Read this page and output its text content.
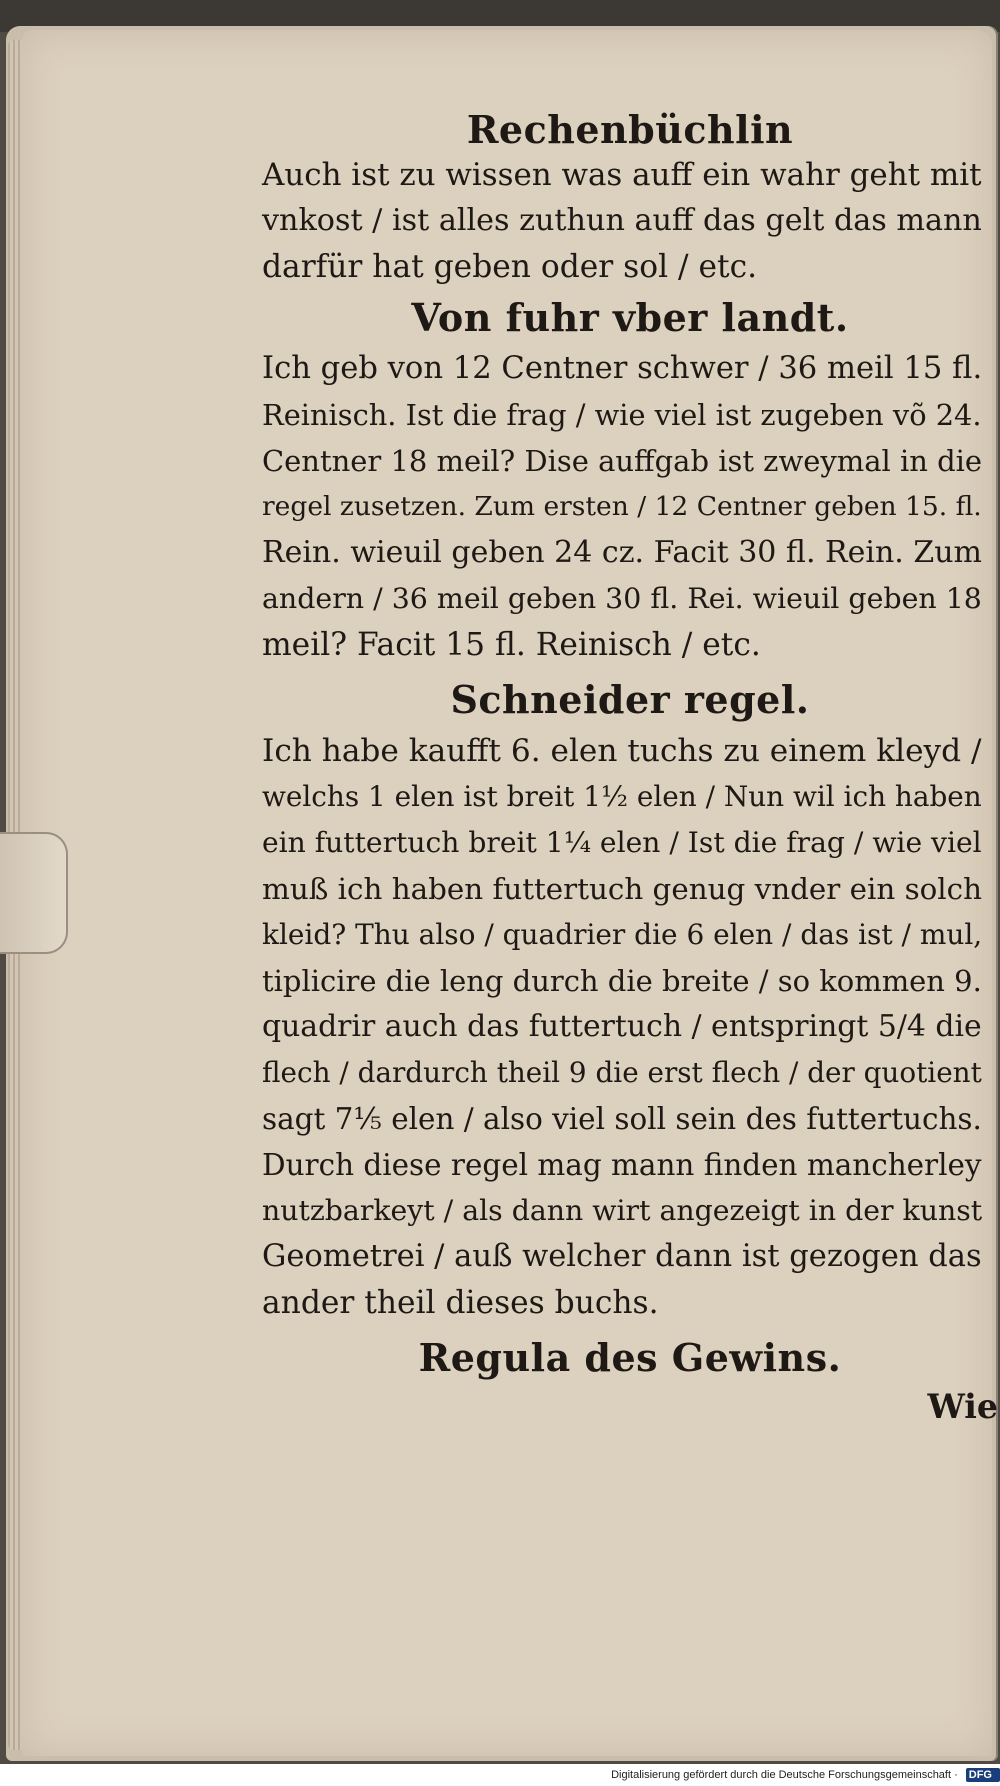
Rechenbüchlin

Auch ist zu wissen was auff ein wahr geht mit

vnkost / ist alles zuthun auff das gelt das mann

darfür hat geben oder sol / etc.

Von fuhr vber landt.

Ich geb von 12 Centner schwer / 36 meil 15 fl.

Reinisch. Ist die frag / wie viel ist zugeben võ 24.

Centner 18 meil? Dise auffgab ist zweymal in die

regel zusetzen. Zum ersten / 12 Centner geben 15. fl.

Rein. wieuil geben 24 cz. Facit 30 fl. Rein. Zum

andern / 36 meil geben 30 fl. Rei. wieuil geben 18

meil? Facit 15 fl. Reinisch / etc.

Schneider regel.

Ich habe kaufft 6. elen tuchs zu einem kleyd /

welchs 1 elen ist breit 1½ elen / Nun wil ich haben

ein futtertuch breit 1¼ elen / Ist die frag / wie viel

muß ich haben futtertuch genug vnder ein solch

kleid? Thu also / quadrier die 6 elen / das ist / mul,

tiplicire die leng durch die breite / so kommen 9.

quadrir auch das futtertuch / entspringt 5/4 die

flech / dardurch theil 9 die erst flech / der quotient

sagt 7⅕ elen / also viel soll sein des futtertuchs.

Durch diese regel mag mann finden mancherley

nutzbarkeyt / als dann wirt angezeigt in der kunst

Geometrei / auß welcher dann ist gezogen das

ander theil dieses buchs.

Regula des Gewins.

Wie

Digitalisierung gefördert durch die Deutsche Forschungsgemeinschaft · DFG
